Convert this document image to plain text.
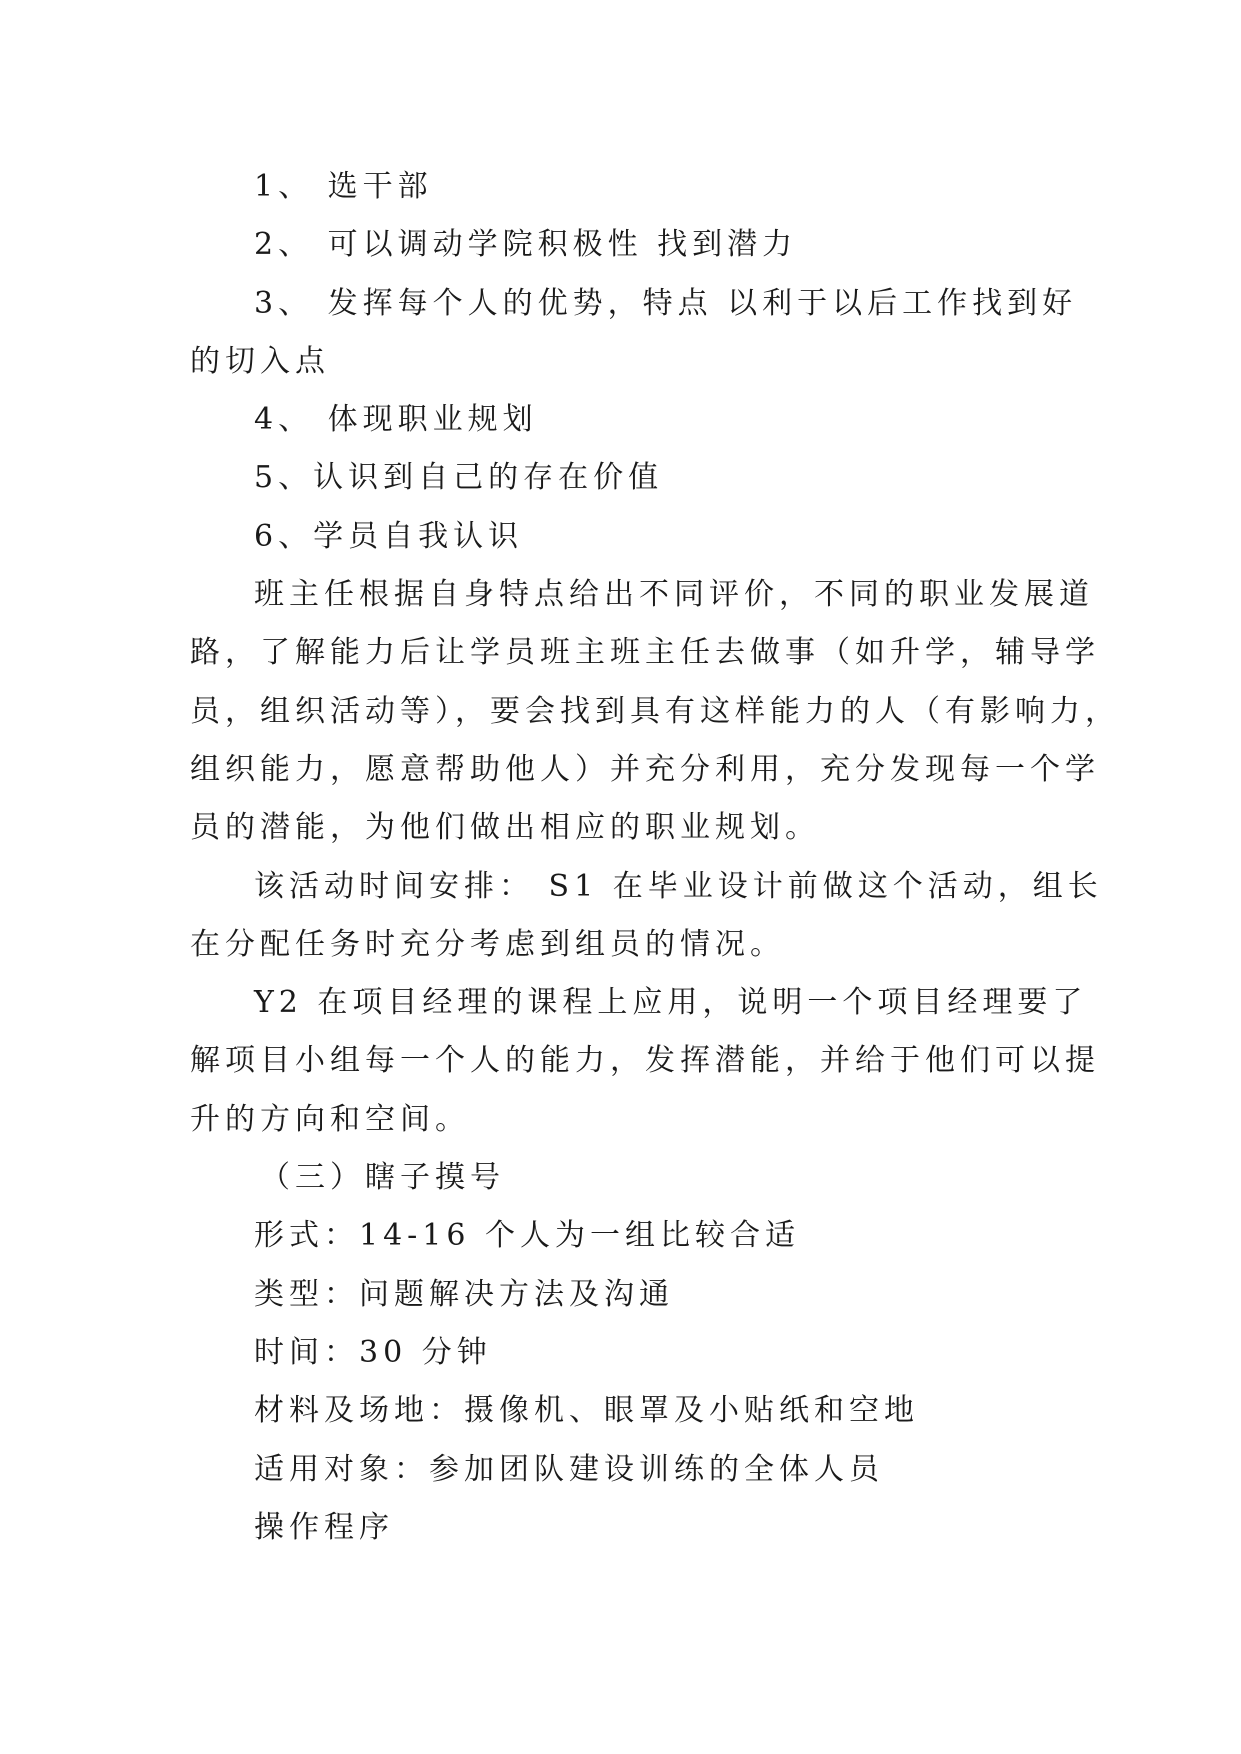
1、 选干部
2、 可以调动学院积极性 找到潜力
3、 发挥每个人的优势，特点 以利于以后工作找到好
的切入点
4、 体现职业规划
5、认识到自己的存在价值
6、学员自我认识
班主任根据自身特点给出不同评价，不同的职业发展道
路，了解能力后让学员班主班主任去做事（如升学，辅导学
员，组织活动等），要会找到具有这样能力的人（有影响力，
组织能力，愿意帮助他人）并充分利用，充分发现每一个学
员的潜能，为他们做出相应的职业规划。
该活动时间安排： S1 在毕业设计前做这个活动，组长
在分配任务时充分考虑到组员的情况。
Y2 在项目经理的课程上应用，说明一个项目经理要了
解项目小组每一个人的能力，发挥潜能，并给于他们可以提
升的方向和空间。
（三）瞎子摸号
形式：14-16 个人为一组比较合适
类型：问题解决方法及沟通
时间：30 分钟
材料及场地：摄像机、眼罩及小贴纸和空地
适用对象：参加团队建设训练的全体人员
操作程序
